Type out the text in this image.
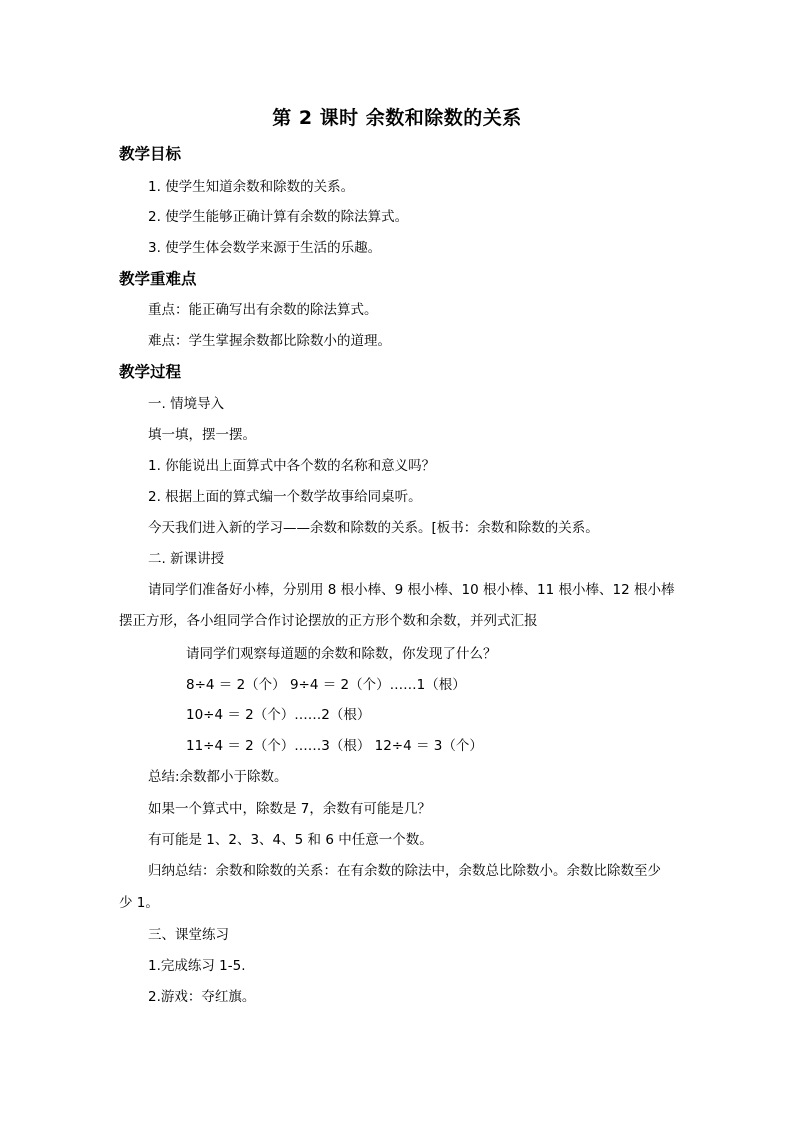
第 2 课时 余数和除数的关系
教学目标
1. 使学生知道余数和除数的关系。
2. 使学生能够正确计算有余数的除法算式。
3. 使学生体会数学来源于生活的乐趣。
教学重难点
重点：能正确写出有余数的除法算式。
难点：学生掌握余数都比除数小的道理。
教学过程
一. 情境导入
填一填，摆一摆。
1. 你能说出上面算式中各个数的名称和意义吗？
2. 根据上面的算式编一个数学故事给同桌听。
今天我们进入新的学习——余数和除数的关系。[板书：余数和除数的关系。
二. 新课讲授
请同学们准备好小棒，分别用 8 根小棒、9 根小棒、10 根小棒、11 根小棒、12 根小棒
摆正方形，各小组同学合作讨论摆放的正方形个数和余数，并列式汇报
请同学们观察每道题的余数和除数，你发现了什么？
8÷4 ＝ 2（个） 9÷4 ＝ 2（个）……1（根）
10÷4 ＝ 2（个）……2（根）
11÷4 ＝ 2（个）……3（根） 12÷4 ＝ 3（个）
总结:余数都小于除数。
如果一个算式中，除数是 7，余数有可能是几？
有可能是 1、2、3、4、5 和 6 中任意一个数。
归纳总结：余数和除数的关系：在有余数的除法中，余数总比除数小。余数比除数至少
少 1。
三、课堂练习
1.完成练习 1-5.
2.游戏：夺红旗。
